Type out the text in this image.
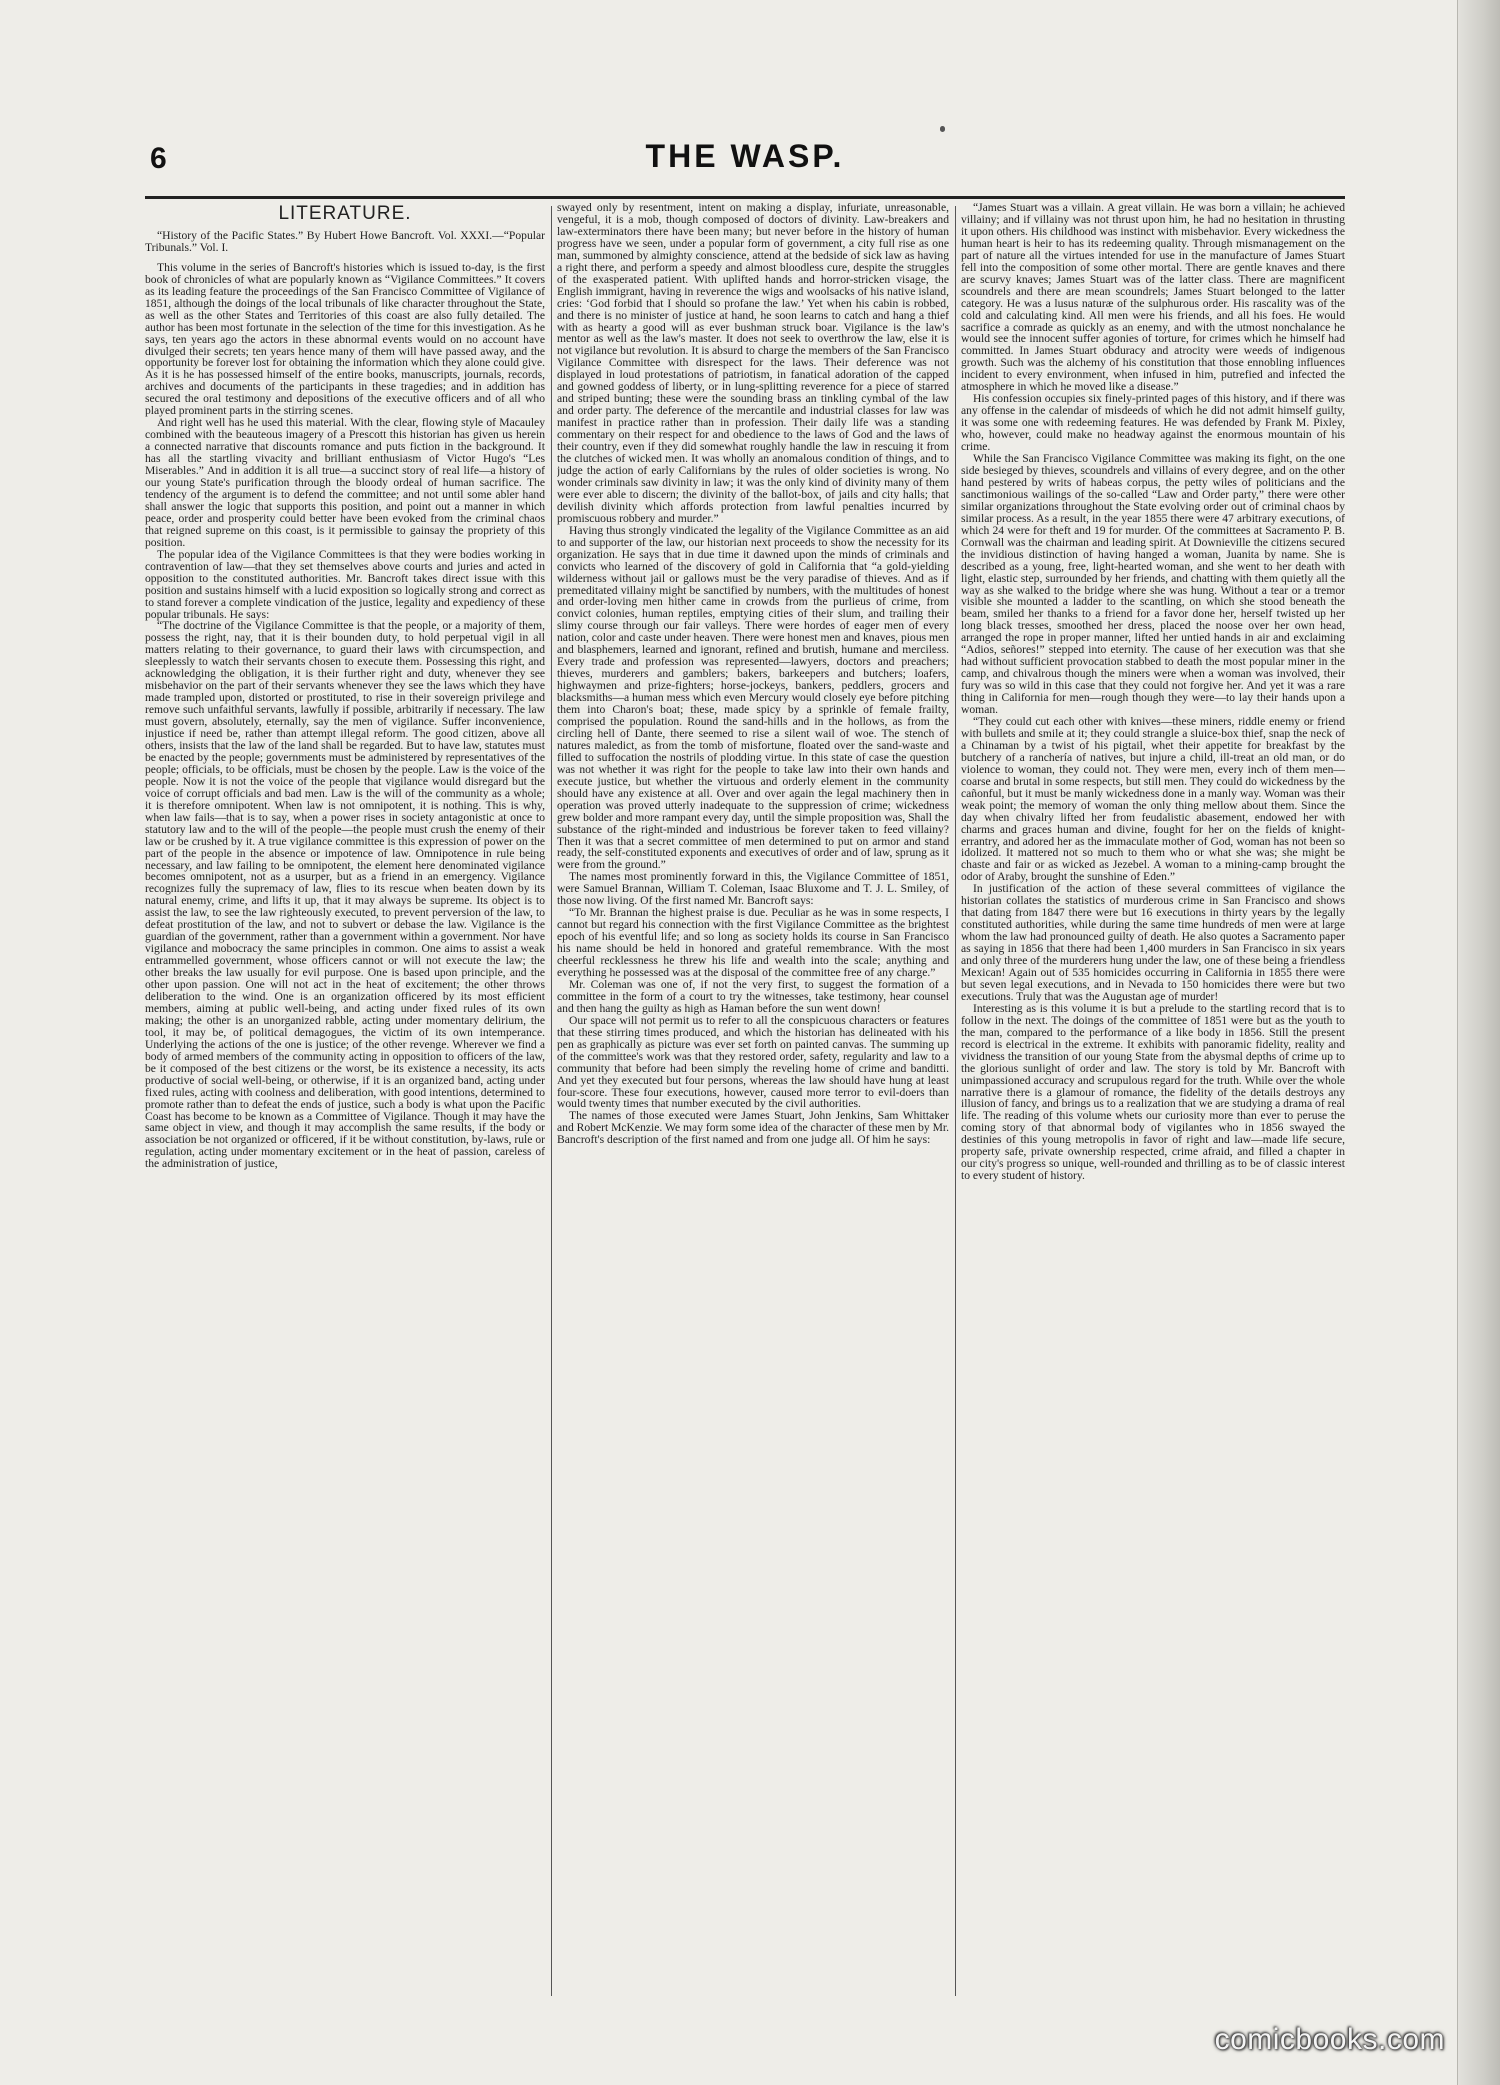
6	THE WASP.
LITERATURE.

“History of the Pacific States.” By Hubert Howe Bancroft. Vol. XXXI.—“Popular Tribunals.” Vol. I.

This volume in the series of Bancroft's histories which is issued to-day, is the first book of chronicles of what are popularly known as “Vigilance Committees.” It covers as its leading feature the proceedings of the San Francisco Committee of Vigilance of 1851, although the doings of the local tribunals of like character throughout the State, as well as the other States and Territories of this coast are also fully detailed. The author has been most fortunate in the selection of the time for this investigation. As he says, ten years ago the actors in these abnormal events would on no account have divulged their secrets; ten years hence many of them will have passed away, and the opportunity be forever lost for obtaining the information which they alone could give. As it is he has possessed himself of the entire books, manuscripts, journals, records, archives and documents of the participants in these tragedies; and in addition has secured the oral testimony and depositions of the executive officers and of all who played prominent parts in the stirring scenes.

And right well has he used this material. With the clear, flowing style of Macauley combined with the beauteous imagery of a Prescott this historian has given us herein a connected narrative that discounts romance and puts fiction in the background. It has all the startling vivacity and brilliant enthusiasm of Victor Hugo's “Les Miserables.” And in addition it is all true—a succinct story of real life—a history of our young State's purification through the bloody ordeal of human sacrifice. The tendency of the argument is to defend the committee; and not until some abler hand shall answer the logic that supports this position, and point out a manner in which peace, order and prosperity could better have been evoked from the criminal chaos that reigned supreme on this coast, is it permissible to gainsay the propriety of this position.

The popular idea of the Vigilance Committees is that they were bodies working in contravention of law—that they set themselves above courts and juries and acted in opposition to the constituted authorities. Mr. Bancroft takes direct issue with this position and sustains himself with a lucid exposition so logically strong and correct as to stand forever a complete vindication of the justice, legality and expediency of these popular tribunals. He says:

“The doctrine of the Vigilance Committee is that the people, or a majority of them, possess the right, nay, that it is their bounden duty, to hold perpetual vigil in all matters relating to their governance, to guard their laws with circumspection, and sleeplessly to watch their servants chosen to execute them. Possessing this right, and acknowledging the obligation, it is their further right and duty, whenever they see misbehavior on the part of their servants whenever they see the laws which they have made trampled upon, distorted or prostituted, to rise in their sovereign privilege and remove such unfaithful servants, lawfully if possible, arbitrarily if necessary. The law must govern, absolutely, eternally, say the men of vigilance. Suffer inconvenience, injustice if need be, rather than attempt illegal reform. The good citizen, above all others, insists that the law of the land shall be regarded. But to have law, statutes must be enacted by the people; governments must be administered by representatives of the people; officials, to be officials, must be chosen by the people. Law is the voice of the people. Now it is not the voice of the people that vigilance would disregard but the voice of corrupt officials and bad men. Law is the will of the community as a whole; it is therefore omnipotent. When law is not omnipotent, it is nothing. This is why, when law fails—that is to say, when a power rises in society antagonistic at once to statutory law and to the will of the people—the people must crush the enemy of their law or be crushed by it. A true vigilance committee is this expression of power on the part of the people in the absence or impotence of law. Omnipotence in rule being necessary, and law failing to be omnipotent, the element here denominated vigilance becomes omnipotent, not as a usurper, but as a friend in an emergency. Vigilance recognizes fully the supremacy of law, flies to its rescue when beaten down by its natural enemy, crime, and lifts it up, that it may always be supreme. Its object is to assist the law, to see the law righteously executed, to prevent perversion of the law, to defeat prostitution of the law, and not to subvert or debase the law. Vigilance is the guardian of the government, rather than a government within a government. Nor have vigilance and mobocracy the same principles in common. One aims to assist a weak entrammelled government, whose officers cannot or will not execute the law; the other breaks the law usually for evil purpose. One is based upon principle, and the other upon passion. One will not act in the heat of excitement; the other throws deliberation to the wind. One is an organization officered by its most efficient members, aiming at public well-being, and acting under fixed rules of its own making; the other is an unorganized rabble, acting under momentary delirium, the tool, it may be, of political demagogues, the victim of its own intemperance. Underlying the actions of the one is justice; of the other revenge. Wherever we find a body of armed members of the community acting in opposition to officers of the law, be it composed of the best citizens or the worst, be its existence a necessity, its acts productive of social well-being, or otherwise, if it is an organized band, acting under fixed rules, acting with coolness and deliberation, with good intentions, determined to promote rather than to defeat the ends of justice, such a body is what upon the Pacific Coast has become to be known as a Committee of Vigilance. Though it may have the same object in view, and though it may accomplish the same results, if the body or association be not organized or officered, if it be without constitution, by-laws, rule or regulation, acting under momentary excitement or in the heat of passion, careless of the administration of justice,

swayed only by resentment, intent on making a display, infuriate, unreasonable, vengeful, it is a mob, though composed of doctors of divinity. Law-breakers and law-exterminators there have been many; but never before in the history of human progress have we seen, under a popular form of government, a city full rise as one man, summoned by almighty conscience, attend at the bedside of sick law as having a right there, and perform a speedy and almost bloodless cure, despite the struggles of the exasperated patient. With uplifted hands and horror-stricken visage, the English immigrant, having in reverence the wigs and woolsacks of his native island, cries: ‘God forbid that I should so profane the law.’ Yet when his cabin is robbed, and there is no minister of justice at hand, he soon learns to catch and hang a thief with as hearty a good will as ever bushman struck boar. Vigilance is the law's mentor as well as the law's master. It does not seek to overthrow the law, else it is not vigilance but revolution. It is absurd to charge the members of the San Francisco Vigilance Committee with disrespect for the laws. Their deference was not displayed in loud protestations of patriotism, in fanatical adoration of the capped and gowned goddess of liberty, or in lung-splitting reverence for a piece of starred and striped bunting; these were the sounding brass an tinkling cymbal of the law and order party. The deference of the mercantile and industrial classes for law was manifest in practice rather than in profession. Their daily life was a standing commentary on their respect for and obedience to the laws of God and the laws of their country, even if they did somewhat roughly handle the law in rescuing it from the clutches of wicked men. It was wholly an anomalous condition of things, and to judge the action of early Californians by the rules of older societies is wrong. No wonder criminals saw divinity in law; it was the only kind of divinity many of them were ever able to discern; the divinity of the ballot-box, of jails and city halls; that devilish divinity which affords protection from lawful penalties incurred by promiscuous robbery and murder.”

Having thus strongly vindicated the legality of the Vigilance Committee as an aid to and supporter of the law, our historian next proceeds to show the necessity for its organization. He says that in due time it dawned upon the minds of criminals and convicts who learned of the discovery of gold in California that “a gold-yielding wilderness without jail or gallows must be the very paradise of thieves. And as if premeditated villainy might be sanctified by numbers, with the multitudes of honest and order-loving men hither came in crowds from the purlieus of crime, from convict colonies, human reptiles, emptying cities of their slum, and trailing their slimy course through our fair valleys. There were hordes of eager men of every nation, color and caste under heaven. There were honest men and knaves, pious men and blasphemers, learned and ignorant, refined and brutish, humane and merciless. Every trade and profession was represented—lawyers, doctors and preachers; thieves, murderers and gamblers; bakers, barkeepers and butchers; loafers, highwaymen and prize-fighters; horse-jockeys, bankers, peddlers, grocers and blacksmiths—a human mess which even Mercury would closely eye before pitching them into Charon's boat; these, made spicy by a sprinkle of female frailty, comprised the population. Round the sand-hills and in the hollows, as from the circling hell of Dante, there seemed to rise a silent wail of woe. The stench of natures maledict, as from the tomb of misfortune, floated over the sand-waste and filled to suffocation the nostrils of plodding virtue. In this state of case the question was not whether it was right for the people to take law into their own hands and execute justice, but whether the virtuous and orderly element in the community should have any existence at all. Over and over again the legal machinery then in operation was proved utterly inadequate to the suppression of crime; wickedness grew bolder and more rampant every day, until the simple proposition was, Shall the substance of the right-minded and industrious be forever taken to feed villainy? Then it was that a secret committee of men determined to put on armor and stand ready, the self-constituted exponents and executives of order and of law, sprung as it were from the ground.”

The names most prominently forward in this, the Vigilance Committee of 1851, were Samuel Brannan, William T. Coleman, Isaac Bluxome and T. J. L. Smiley, of those now living. Of the first named Mr. Bancroft says:

“To Mr. Brannan the highest praise is due. Peculiar as he was in some respects, I cannot but regard his connection with the first Vigilance Committee as the brightest epoch of his eventful life; and so long as society holds its course in San Francisco his name should be held in honored and grateful remembrance. With the most cheerful recklessness he threw his life and wealth into the scale; anything and everything he possessed was at the disposal of the committee free of any charge.”

Mr. Coleman was one of, if not the very first, to suggest the formation of a committee in the form of a court to try the witnesses, take testimony, hear counsel and then hang the guilty as high as Haman before the sun went down!

Our space will not permit us to refer to all the conspicuous characters or features that these stirring times produced, and which the historian has delineated with his pen as graphically as picture was ever set forth on painted canvas. The summing up of the committee's work was that they restored order, safety, regularity and law to a community that before had been simply the reveling home of crime and banditti. And yet they executed but four persons, whereas the law should have hung at least four-score. These four executions, however, caused more terror to evil-doers than would twenty times that number executed by the civil authorities.

The names of those executed were James Stuart, John Jenkins, Sam Whittaker and Robert McKenzie. We may form some idea of the character of these men by Mr. Bancroft's description of the first named and from one judge all. Of him he says:

“James Stuart was a villain. A great villain. He was born a villain; he achieved villainy; and if villainy was not thrust upon him, he had no hesitation in thrusting it upon others. His childhood was instinct with misbehavior. Every wickedness the human heart is heir to has its redeeming quality. Through mismanagement on the part of nature all the virtues intended for use in the manufacture of James Stuart fell into the composition of some other mortal. There are gentle knaves and there are scurvy knaves; James Stuart was of the latter class. There are magnificent scoundrels and there are mean scoundrels; James Stuart belonged to the latter category. He was a lusus naturæ of the sulphurous order. His rascality was of the cold and calculating kind. All men were his friends, and all his foes. He would sacrifice a comrade as quickly as an enemy, and with the utmost nonchalance he would see the innocent suffer agonies of torture, for crimes which he himself had committed. In James Stuart obduracy and atrocity were weeds of indigenous growth. Such was the alchemy of his constitution that those ennobling influences incident to every environment, when infused in him, putrefied and infected the atmosphere in which he moved like a disease.”

His confession occupies six finely-printed pages of this history, and if there was any offense in the calendar of misdeeds of which he did not admit himself guilty, it was some one with redeeming features. He was defended by Frank M. Pixley, who, however, could make no headway against the enormous mountain of his crime.

While the San Francisco Vigilance Committee was making its fight, on the one side besieged by thieves, scoundrels and villains of every degree, and on the other hand pestered by writs of habeas corpus, the petty wiles of politicians and the sanctimonious wailings of the so-called “Law and Order party,” there were other similar organizations throughout the State evolving order out of criminal chaos by similar process. As a result, in the year 1855 there were 47 arbitrary executions, of which 24 were for theft and 19 for murder. Of the committees at Sacramento P. B. Cornwall was the chairman and leading spirit. At Downieville the citizens secured the invidious distinction of having hanged a woman, Juanita by name. She is described as a young, free, light-hearted woman, and she went to her death with light, elastic step, surrounded by her friends, and chatting with them quietly all the way as she walked to the bridge where she was hung. Without a tear or a tremor visible she mounted a ladder to the scantling, on which she stood beneath the beam, smiled her thanks to a friend for a favor done her, herself twisted up her long black tresses, smoothed her dress, placed the noose over her own head, arranged the rope in proper manner, lifted her untied hands in air and exclaiming “Adios, señores!” stepped into eternity. The cause of her execution was that she had without sufficient provocation stabbed to death the most popular miner in the camp, and chivalrous though the miners were when a woman was involved, their fury was so wild in this case that they could not forgive her. And yet it was a rare thing in California for men—rough though they were—to lay their hands upon a woman.

“They could cut each other with knives—these miners, riddle enemy or friend with bullets and smile at it; they could strangle a sluice-box thief, snap the neck of a Chinaman by a twist of his pigtail, whet their appetite for breakfast by the butchery of a ranchería of natives, but injure a child, ill-treat an old man, or do violence to woman, they could not. They were men, every inch of them men—coarse and brutal in some respects, but still men. They could do wickedness by the cañonful, but it must be manly wickedness done in a manly way. Woman was their weak point; the memory of woman the only thing mellow about them. Since the day when chivalry lifted her from feudalistic abasement, endowed her with charms and graces human and divine, fought for her on the fields of knight-errantry, and adored her as the immaculate mother of God, woman has not been so idolized. It mattered not so much to them who or what she was; she might be chaste and fair or as wicked as Jezebel. A woman to a mining-camp brought the odor of Araby, brought the sunshine of Eden.”

In justification of the action of these several committees of vigilance the historian collates the statistics of murderous crime in San Francisco and shows that dating from 1847 there were but 16 executions in thirty years by the legally constituted authorities, while during the same time hundreds of men were at large whom the law had pronounced guilty of death. He also quotes a Sacramento paper as saying in 1856 that there had been 1,400 murders in San Francisco in six years and only three of the murderers hung under the law, one of these being a friendless Mexican! Again out of 535 homicides occurring in California in 1855 there were but seven legal executions, and in Nevada to 150 homicides there were but two executions. Truly that was the Augustan age of murder!

Interesting as is this volume it is but a prelude to the startling record that is to follow in the next. The doings of the committee of 1851 were but as the youth to the man, compared to the performance of a like body in 1856. Still the present record is electrical in the extreme. It exhibits with panoramic fidelity, reality and vividness the transition of our young State from the abysmal depths of crime up to the glorious sunlight of order and law. The story is told by Mr. Bancroft with unimpassioned accuracy and scrupulous regard for the truth. While over the whole narrative there is a glamour of romance, the fidelity of the details destroys any illusion of fancy, and brings us to a realization that we are studying a drama of real life. The reading of this volume whets our curiosity more than ever to peruse the coming story of that abnormal body of vigilantes who in 1856 swayed the destinies of this young metropolis in favor of right and law—made life secure, property safe, private ownership respected, crime afraid, and filled a chapter in our city's progress so unique, well-rounded and thrilling as to be of classic interest to every student of history.

comicbooks.com
